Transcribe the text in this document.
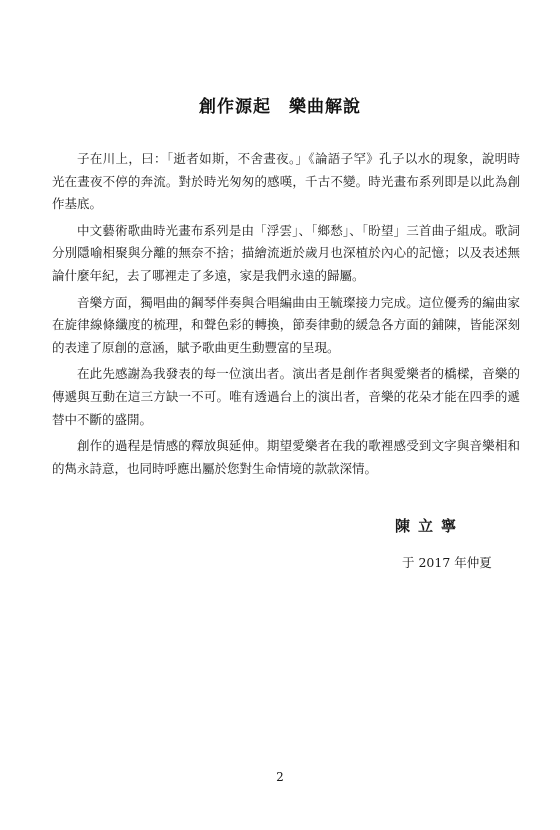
創作源起　樂曲解說

子在川上，曰：「逝者如斯，不舍晝夜。」《論語子罕》孔子以水的現象，說明時光在晝夜不停的奔流。對於時光匆匆的感嘆，千古不變。時光畫布系列即是以此為創作基底。

中文藝術歌曲時光畫布系列是由「浮雲」、「鄉愁」、「盼望」三首曲子組成。歌詞分別隱喻相聚與分離的無奈不捨；描繪流逝於歲月也深植於內心的記憶；以及表述無論什麼年紀，去了哪裡走了多遠，家是我們永遠的歸屬。

音樂方面，獨唱曲的鋼琴伴奏與合唱編曲由王毓璨接力完成。這位優秀的編曲家在旋律線條纖度的梳理，和聲色彩的轉換，節奏律動的緩急各方面的鋪陳，皆能深刻的表達了原創的意涵，賦予歌曲更生動豐富的呈現。

在此先感謝為我發表的每一位演出者。演出者是創作者與愛樂者的橋樑，音樂的傳遞與互動在這三方缺一不可。唯有透過台上的演出者，音樂的花朵才能在四季的遞替中不斷的盛開。

創作的過程是情感的釋放與延伸。期望愛樂者在我的歌裡感受到文字與音樂相和的雋永詩意，也同時呼應出屬於您對生命情境的款款深情。

陳立寧
于 2017 年仲夏
2
